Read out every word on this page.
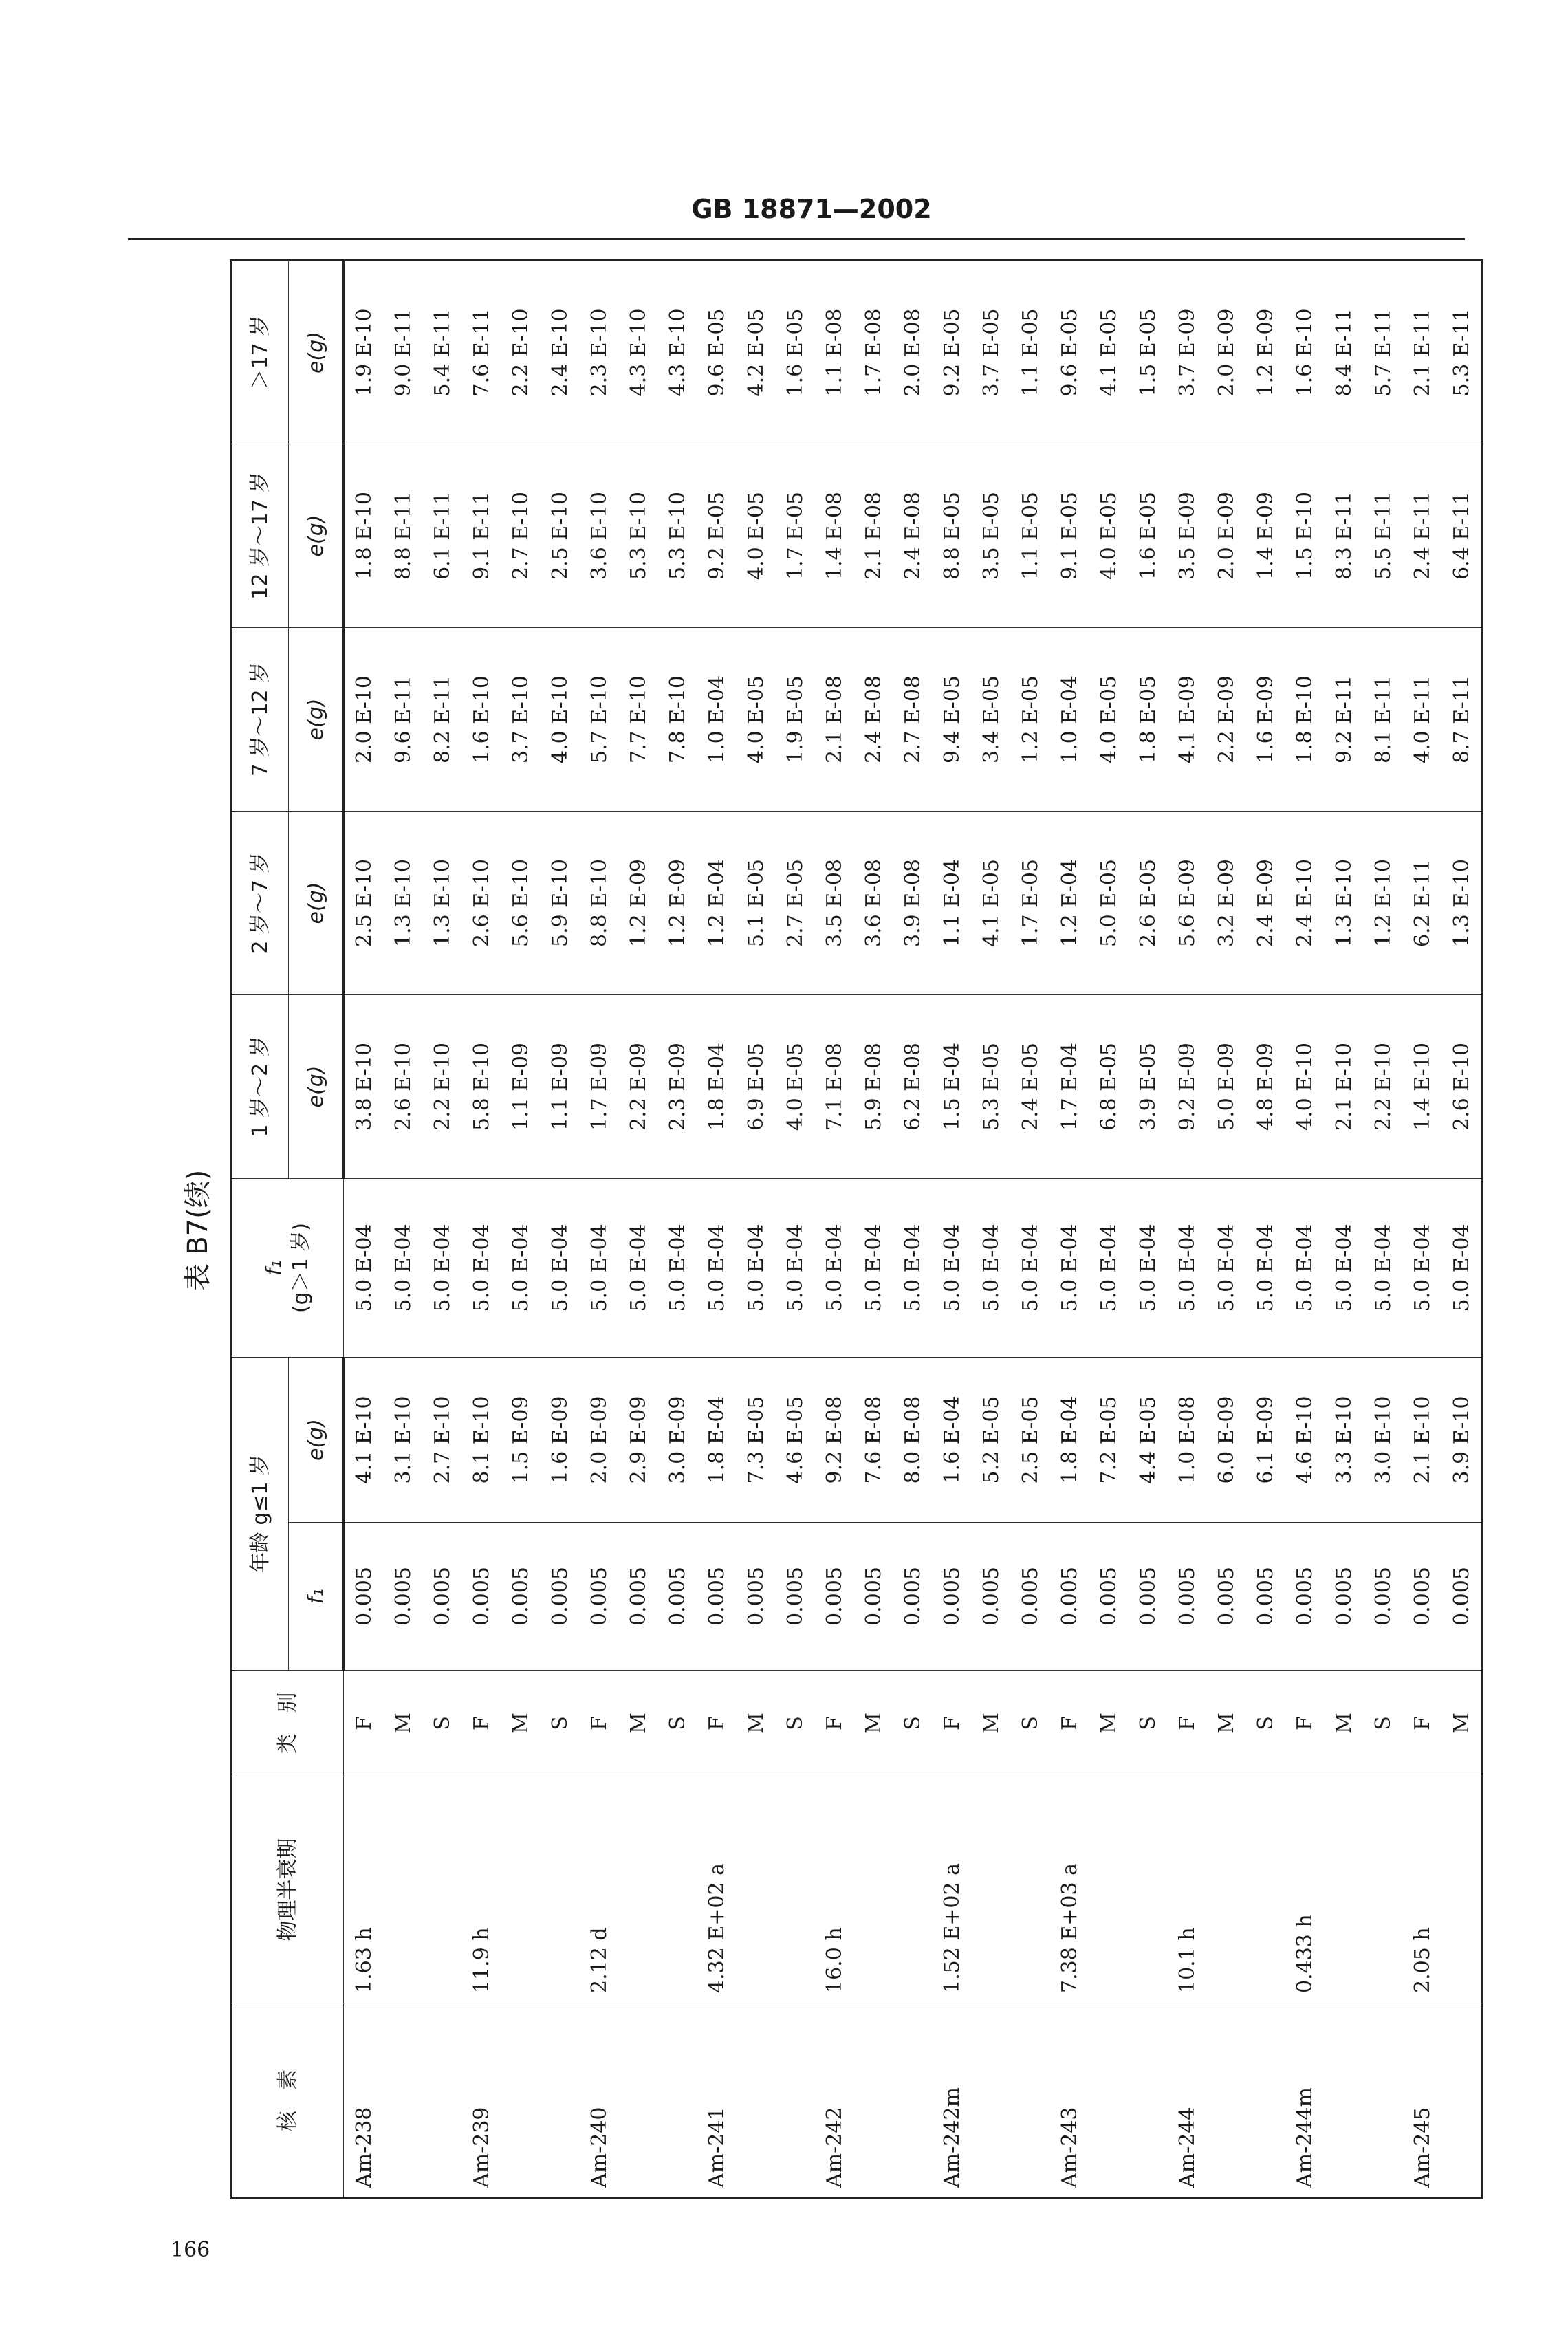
GB 18871—2002
表 B7(续)
核　素	物理半衰期	类　别	年龄 g≤1 岁		f₁ (g＞1 岁)	1 岁～2 岁	2 岁～7 岁	7 岁～12 岁	12 岁～17 岁	＞17 岁
			f₁	e(g)		e(g)	e(g)	e(g)	e(g)	e(g)
Am-238	1.63 h	F	0.005	4.1 E-10	5.0 E-04	3.8 E-10	2.5 E-10	2.0 E-10	1.8 E-10	1.9 E-10
		M	0.005	3.1 E-10	5.0 E-04	2.6 E-10	1.3 E-10	9.6 E-11	8.8 E-11	9.0 E-11
		S	0.005	2.7 E-10	5.0 E-04	2.2 E-10	1.3 E-10	8.2 E-11	6.1 E-11	5.4 E-11
Am-239	11.9 h	F	0.005	8.1 E-10	5.0 E-04	5.8 E-10	2.6 E-10	1.6 E-10	9.1 E-11	7.6 E-11
		M	0.005	1.5 E-09	5.0 E-04	1.1 E-09	5.6 E-10	3.7 E-10	2.7 E-10	2.2 E-10
		S	0.005	1.6 E-09	5.0 E-04	1.1 E-09	5.9 E-10	4.0 E-10	2.5 E-10	2.4 E-10
Am-240	2.12 d	F	0.005	2.0 E-09	5.0 E-04	1.7 E-09	8.8 E-10	5.7 E-10	3.6 E-10	2.3 E-10
		M	0.005	2.9 E-09	5.0 E-04	2.2 E-09	1.2 E-09	7.7 E-10	5.3 E-10	4.3 E-10
		S	0.005	3.0 E-09	5.0 E-04	2.3 E-09	1.2 E-09	7.8 E-10	5.3 E-10	4.3 E-10
Am-241	4.32 E+02 a	F	0.005	1.8 E-04	5.0 E-04	1.8 E-04	1.2 E-04	1.0 E-04	9.2 E-05	9.6 E-05
		M	0.005	7.3 E-05	5.0 E-04	6.9 E-05	5.1 E-05	4.0 E-05	4.0 E-05	4.2 E-05
		S	0.005	4.6 E-05	5.0 E-04	4.0 E-05	2.7 E-05	1.9 E-05	1.7 E-05	1.6 E-05
Am-242	16.0 h	F	0.005	9.2 E-08	5.0 E-04	7.1 E-08	3.5 E-08	2.1 E-08	1.4 E-08	1.1 E-08
		M	0.005	7.6 E-08	5.0 E-04	5.9 E-08	3.6 E-08	2.4 E-08	2.1 E-08	1.7 E-08
		S	0.005	8.0 E-08	5.0 E-04	6.2 E-08	3.9 E-08	2.7 E-08	2.4 E-08	2.0 E-08
Am-242m	1.52 E+02 a	F	0.005	1.6 E-04	5.0 E-04	1.5 E-04	1.1 E-04	9.4 E-05	8.8 E-05	9.2 E-05
		M	0.005	5.2 E-05	5.0 E-04	5.3 E-05	4.1 E-05	3.4 E-05	3.5 E-05	3.7 E-05
		S	0.005	2.5 E-05	5.0 E-04	2.4 E-05	1.7 E-05	1.2 E-05	1.1 E-05	1.1 E-05
Am-243	7.38 E+03 a	F	0.005	1.8 E-04	5.0 E-04	1.7 E-04	1.2 E-04	1.0 E-04	9.1 E-05	9.6 E-05
		M	0.005	7.2 E-05	5.0 E-04	6.8 E-05	5.0 E-05	4.0 E-05	4.0 E-05	4.1 E-05
		S	0.005	4.4 E-05	5.0 E-04	3.9 E-05	2.6 E-05	1.8 E-05	1.6 E-05	1.5 E-05
Am-244	10.1 h	F	0.005	1.0 E-08	5.0 E-04	9.2 E-09	5.6 E-09	4.1 E-09	3.5 E-09	3.7 E-09
		M	0.005	6.0 E-09	5.0 E-04	5.0 E-09	3.2 E-09	2.2 E-09	2.0 E-09	2.0 E-09
		S	0.005	6.1 E-09	5.0 E-04	4.8 E-09	2.4 E-09	1.6 E-09	1.4 E-09	1.2 E-09
Am-244m	0.433 h	F	0.005	4.6 E-10	5.0 E-04	4.0 E-10	2.4 E-10	1.8 E-10	1.5 E-10	1.6 E-10
		M	0.005	3.3 E-10	5.0 E-04	2.1 E-10	1.3 E-10	9.2 E-11	8.3 E-11	8.4 E-11
		S	0.005	3.0 E-10	5.0 E-04	2.2 E-10	1.2 E-10	8.1 E-11	5.5 E-11	5.7 E-11
Am-245	2.05 h	F	0.005	2.1 E-10	5.0 E-04	1.4 E-10	6.2 E-11	4.0 E-11	2.4 E-11	2.1 E-11
		M	0.005	3.9 E-10	5.0 E-04	2.6 E-10	1.3 E-10	8.7 E-11	6.4 E-11	5.3 E-11
166
